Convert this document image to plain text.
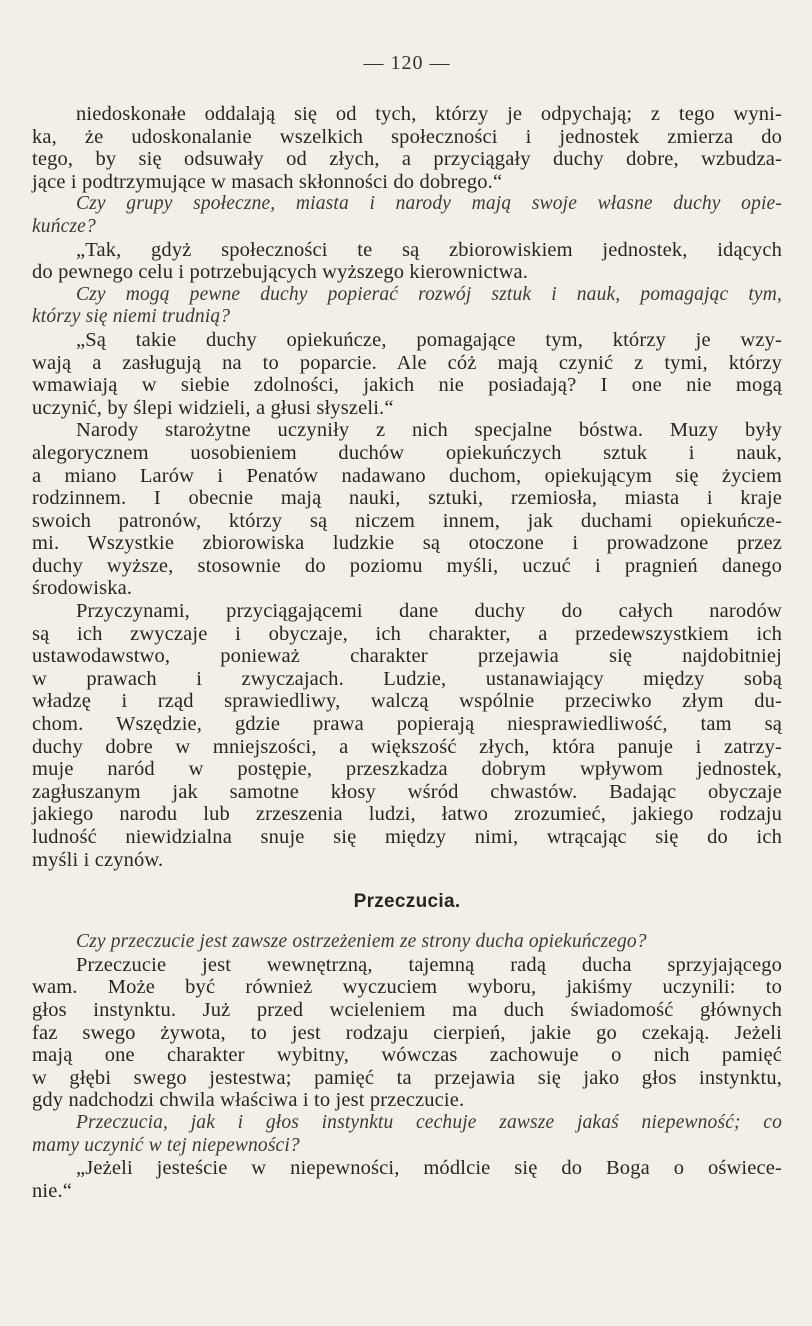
— 120 —
niedoskonałe oddalają się od tych, którzy je odpychają; z tego wyni-
ka, że udoskonalanie wszelkich społeczności i jednostek zmierza do
tego, by się odsuwały od złych, a przyciągały duchy dobre, wzbudza-
jące i podtrzymujące w masach skłonności do dobrego.“
Czy grupy społeczne, miasta i narody mają swoje własne duchy opie-
kuńcze?
„Tak, gdyż społeczności te są zbiorowiskiem jednostek, idących
do pewnego celu i potrzebujących wyższego kierownictwa.
Czy mogą pewne duchy popierać rozwój sztuk i nauk, pomagając tym,
którzy się niemi trudnią?
„Są takie duchy opiekuńcze, pomagające tym, którzy je wzy-
wają a zasługują na to poparcie. Ale cóż mają czynić z tymi, którzy
wmawiają w siebie zdolności, jakich nie posiadają? I one nie mogą
uczynić, by ślepi widzieli, a głusi słyszeli.“
Narody starożytne uczyniły z nich specjalne bóstwa. Muzy były
alegorycznem uosobieniem duchów opiekuńczych sztuk i nauk,
a miano Larów i Penatów nadawano duchom, opiekującym się życiem
rodzinnem. I obecnie mają nauki, sztuki, rzemiosła, miasta i kraje
swoich patronów, którzy są niczem innem, jak duchami opiekuńcze-
mi. Wszystkie zbiorowiska ludzkie są otoczone i prowadzone przez
duchy wyższe, stosownie do poziomu myśli, uczuć i pragnień danego
środowiska.
Przyczynami, przyciągającemi dane duchy do całych narodów
są ich zwyczaje i obyczaje, ich charakter, a przedewszystkiem ich
ustawodawstwo, ponieważ charakter przejawia się najdobitniej
w prawach i zwyczajach. Ludzie, ustanawiający między sobą
władzę i rząd sprawiedliwy, walczą wspólnie przeciwko złym du-
chom. Wszędzie, gdzie prawa popierają niesprawiedliwość, tam są
duchy dobre w mniejszości, a większość złych, która panuje i zatrzy-
muje naród w postępie, przeszkadza dobrym wpływom jednostek,
zagłuszanym jak samotne kłosy wśród chwastów. Badając obyczaje
jakiego narodu lub zrzeszenia ludzi, łatwo zrozumieć, jakiego rodzaju
ludność niewidzialna snuje się między nimi, wtrącając się do ich
myśli i czynów.
Przeczucia.
Czy przeczucie jest zawsze ostrzeżeniem ze strony ducha opiekuńczego?
Przeczucie jest wewnętrzną, tajemną radą ducha sprzyjającego
wam. Może być również wyczuciem wyboru, jakiśmy uczynili: to
głos instynktu. Już przed wcieleniem ma duch świadomość głównych
faz swego żywota, to jest rodzaju cierpień, jakie go czekają. Jeżeli
mają one charakter wybitny, wówczas zachowuje o nich pamięć
w głębi swego jestestwa; pamięć ta przejawia się jako głos instynktu,
gdy nadchodzi chwila właściwa i to jest przeczucie.
Przeczucia, jak i głos instynktu cechuje zawsze jakaś niepewność; co
mamy uczynić w tej niepewności?
„Jeżeli jesteście w niepewności, módlcie się do Boga o oświece-
nie.“
